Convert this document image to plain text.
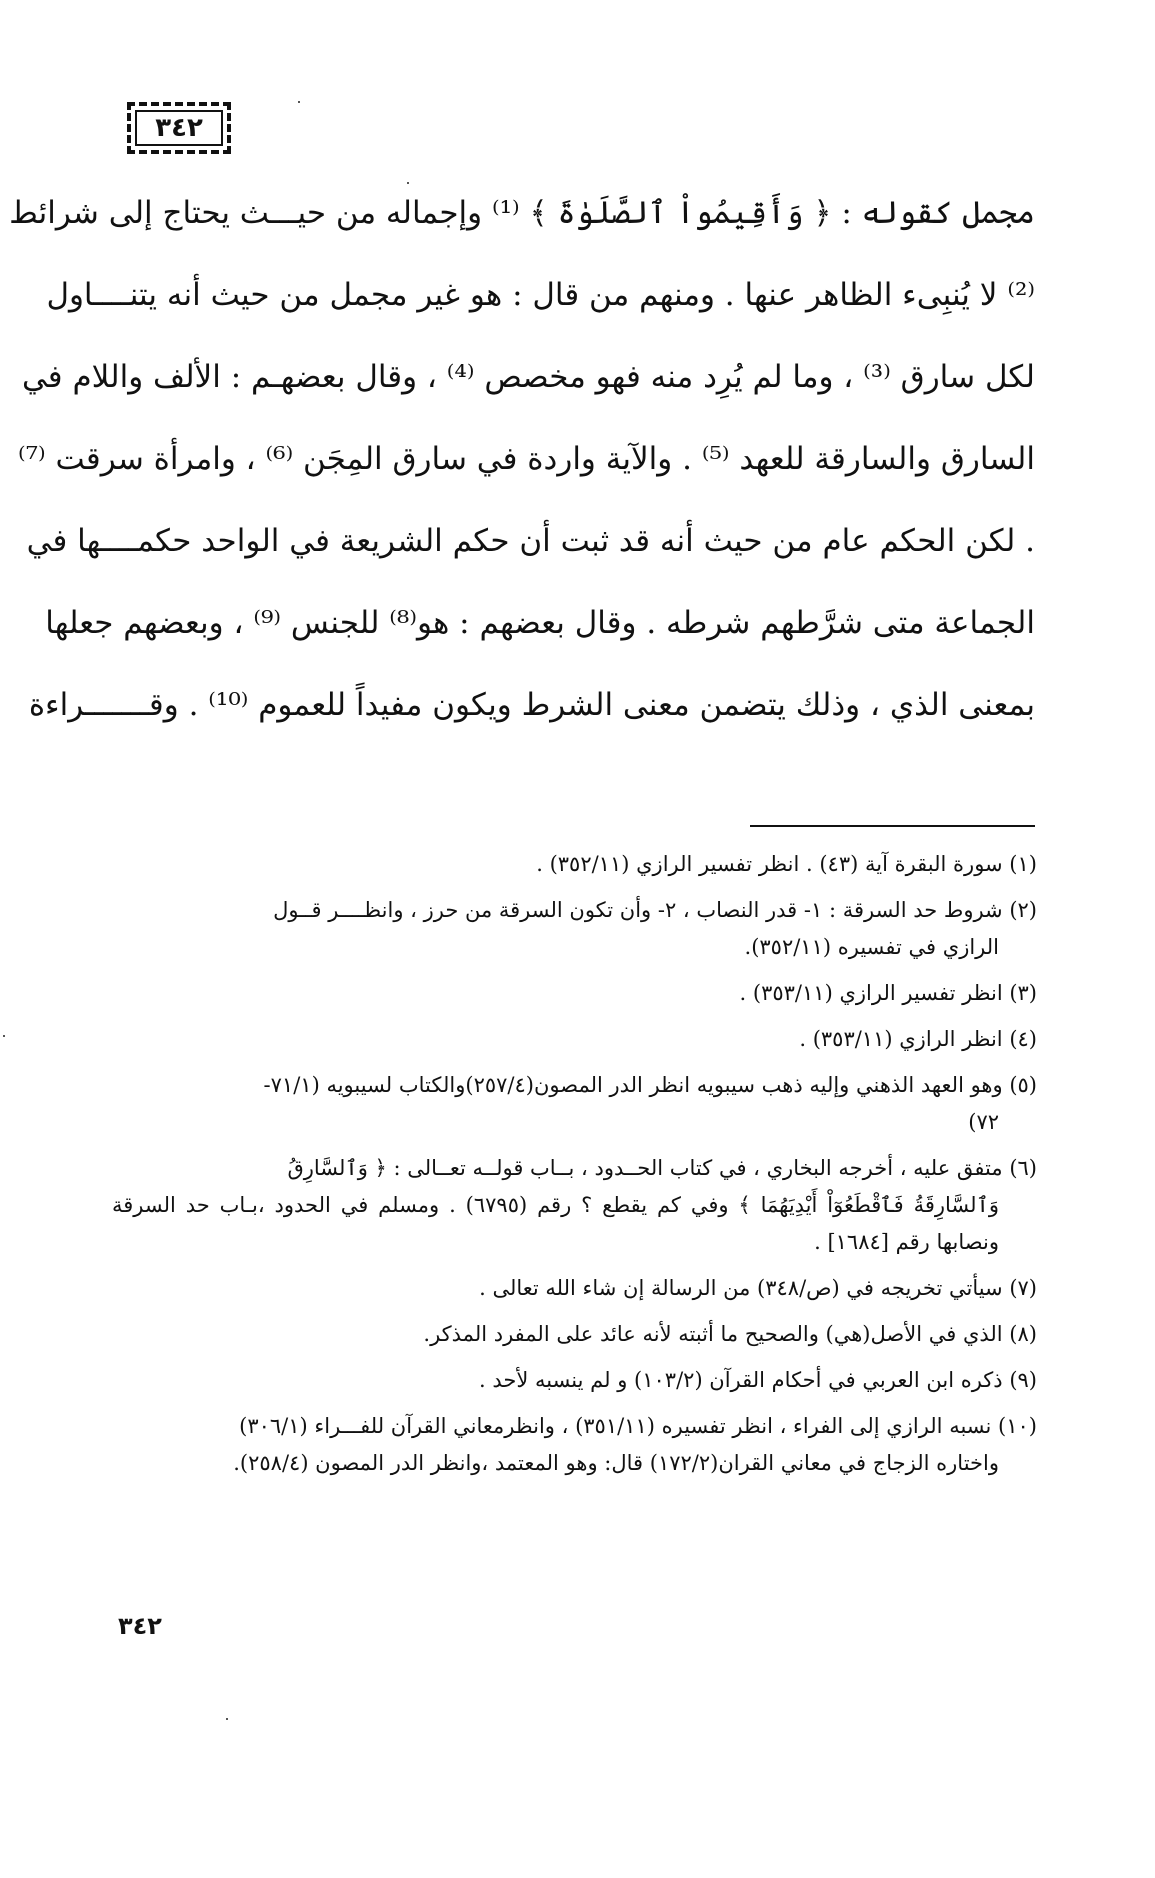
٣٤٢
مجمل كقوله : ﴿ وَأَقِيمُواْ ٱلصَّلَوٰةَ ﴾ ⁽¹⁾ وإجماله من حيـــث يحتاج إلى شرائط
⁽²⁾ لا يُنبِىء الظاهر عنها . ومنهم من قال : هو غير مجمل من حيث أنه يتنــــاول
لكل سارق ⁽³⁾ ، وما لم يُرِد منه فهو مخصص ⁽⁴⁾ ، وقال بعضهـم : الألف واللام في
السارق والسارقة للعهد ⁽⁵⁾ . والآية واردة في سارق المِجَن ⁽⁶⁾ ، وامرأة سرقت ⁽⁷⁾
. لكن الحكم عام من حيث أنه قد ثبت أن حكم الشريعة في الواحد حكمــــها في
الجماعة متى شرَّطهم شرطه . وقال بعضهم : هو⁽⁸⁾ للجنس ⁽⁹⁾ ، وبعضهم جعلها
بمعنى الذي ، وذلك يتضمن معنى الشرط ويكون مفيداً للعموم ⁽¹⁰⁾ . وقـــــــراءة
(١) سورة البقرة آية (٤٣) . انظر تفسير الرازي (٣٥٢/١١) .
(٢) شروط حد السرقة : ١- قدر النصاب ، ٢- وأن تكون السرقة من حرز ، وانظــــر قــول
الرازي في تفسيره (٣٥٢/١١).
(٣) انظر تفسير الرازي (٣٥٣/١١) .
(٤) انظر الرازي (٣٥٣/١١) .
(٥) وهو العهد الذهني وإليه ذهب سيبويه انظر الدر المصون(٢٥٧/٤)والكتاب لسيبويه (٧١/١-
٧٢)
(٦) متفق عليه ، أخرجه البخاري ، في كتاب الحــدود ، بــاب قولــه تعــالى : ﴿ وَٱلسَّارِقُ
وَٱلسَّارِقَةُ فَٱقْطَعُوٓاْ أَيْدِيَهُمَا ﴾ وفي كم يقطع ؟ رقم (٦٧٩٥) . ومسلم في الحدود ،بـاب حد السرقة ونصابها رقم [١٦٨٤] .
(٧) سيأتي تخريجه في (ص/٣٤٨) من الرسالة إن شاء الله تعالى .
(٨) الذي في الأصل(هي) والصحيح ما أثبته لأنه عائد على المفرد المذكر.
(٩) ذكره ابن العربي في أحكام القرآن (١٠٣/٢) و لم ينسبه لأحد .
(١٠) نسبه الرازي إلى الفراء ، انظر تفسيره (٣٥١/١١) ، وانظرمعاني القرآن للفـــراء (٣٠٦/١)
واختاره الزجاج في معاني القران(١٧٢/٢) قال: وهو المعتمد ،وانظر الدر المصون (٢٥٨/٤).
٣٤٢
